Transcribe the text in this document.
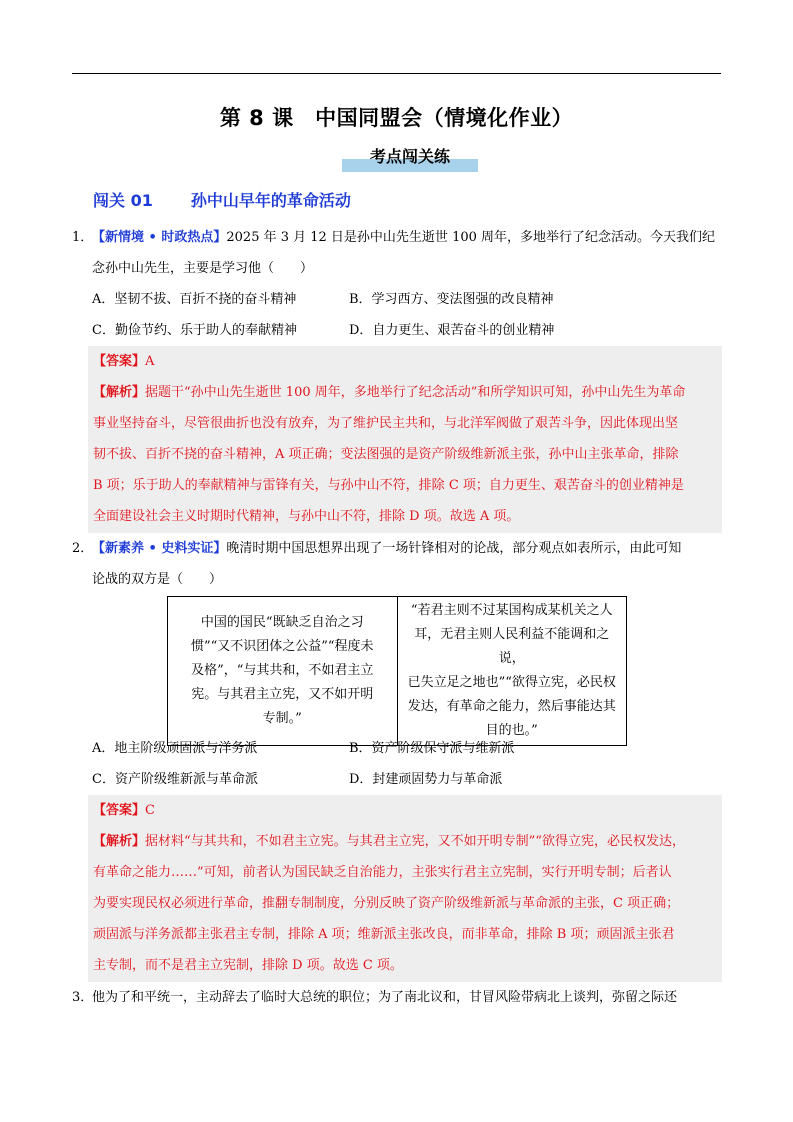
第 8 课　中国同盟会（情境化作业）
考点闯关练
闯关 01 孙中山早年的革命活动
1．【新情境 • 时政热点】2025 年 3 月 12 日是孙中山先生逝世 100 周年，多地举行了纪念活动。今天我们纪
念孙中山先生，主要是学习他（　　）
A．坚韧不拔、百折不挠的奋斗精神	B．学习西方、变法图强的改良精神
C．勤俭节约、乐于助人的奉献精神	D．自力更生、艰苦奋斗的创业精神
【答案】A
【解析】据题干“孙中山先生逝世 100 周年，多地举行了纪念活动”和所学知识可知，孙中山先生为革命
事业坚持奋斗，尽管很曲折也没有放弃，为了维护民主共和，与北洋军阀做了艰苦斗争，因此体现出坚
韧不拔、百折不挠的奋斗精神，A 项正确；变法图强的是资产阶级维新派主张，孙中山主张革命，排除
B 项；乐于助人的奉献精神与雷锋有关，与孙中山不符，排除 C 项；自力更生、艰苦奋斗的创业精神是
全面建设社会主义时期时代精神，与孙中山不符，排除 D 项。故选 A 项。
2．【新素养 • 史料实证】晚清时期中国思想界出现了一场针锋相对的论战，部分观点如表所示，由此可知
论战的双方是（　　）
中国的国民“既缺乏自治之习
惯”“又不识团体之公益”“程度未
及格”，“与其共和，不如君主立
宪。与其君主立宪，又不如开明
专制。”

“若君主则不过某国构成某机关之人
耳，无君主则人民利益不能调和之说，
已失立足之地也”“欲得立宪，必民权
发达，有革命之能力，然后事能达其
目的也。”
A．地主阶级顽固派与洋务派	B．资产阶级保守派与维新派
C．资产阶级维新派与革命派	D．封建顽固势力与革命派
【答案】C
【解析】据材料“与其共和，不如君主立宪。与其君主立宪，又不如开明专制”“欲得立宪，必民权发达，
有革命之能力……”可知，前者认为国民缺乏自治能力，主张实行君主立宪制，实行开明专制；后者认
为要实现民权必须进行革命，推翻专制制度，分别反映了资产阶级维新派与革命派的主张，C 项正确；
顽固派与洋务派都主张君主专制，排除 A 项；维新派主张改良，而非革命，排除 B 项；顽固派主张君
主专制，而不是君主立宪制，排除 D 项。故选 C 项。
3．他为了和平统一，主动辞去了临时大总统的职位；为了南北议和，甘冒风险带病北上谈判，弥留之际还
